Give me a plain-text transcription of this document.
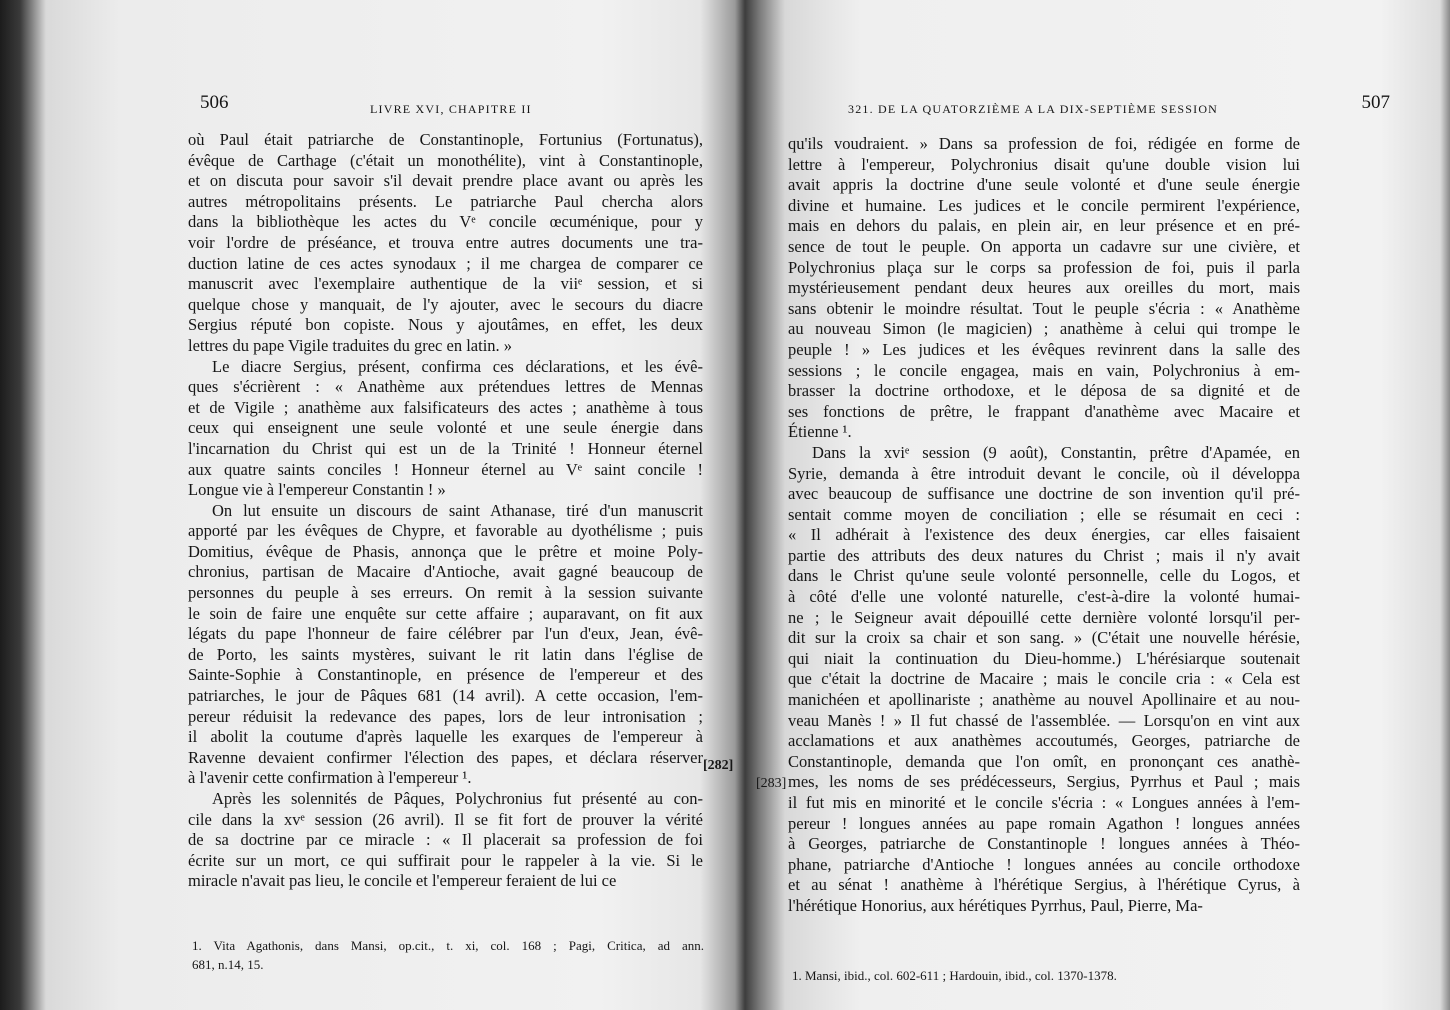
506	LIVRE XVI, CHAPITRE II
où Paul était patriarche de Constantinople, Fortunius (Fortunatus),
évêque de Carthage (c'était un monothélite), vint à Constantinople,
et on discuta pour savoir s'il devait prendre place avant ou après les
autres métropolitains présents. Le patriarche Paul chercha alors
dans la bibliothèque les actes du Vᵉ concile œcuménique, pour y
voir l'ordre de préséance, et trouva entre autres documents une tra-
duction latine de ces actes synodaux ; il me chargea de comparer ce
manuscrit avec l'exemplaire authentique de la viiᵉ session, et si
quelque chose y manquait, de l'y ajouter, avec le secours du diacre
Sergius réputé bon copiste. Nous y ajoutâmes, en effet, les deux
lettres du pape Vigile traduites du grec en latin. »
Le diacre Sergius, présent, confirma ces déclarations, et les évê-
ques s'écrièrent : « Anathème aux prétendues lettres de Mennas
et de Vigile ; anathème aux falsificateurs des actes ; anathème à tous
ceux qui enseignent une seule volonté et une seule énergie dans
l'incarnation du Christ qui est un de la Trinité ! Honneur éternel
aux quatre saints conciles ! Honneur éternel au Vᵉ saint concile !
Longue vie à l'empereur Constantin ! »
On lut ensuite un discours de saint Athanase, tiré d'un manuscrit
apporté par les évêques de Chypre, et favorable au dyothélisme ; puis
Domitius, évêque de Phasis, annonça que le prêtre et moine Poly-
chronius, partisan de Macaire d'Antioche, avait gagné beaucoup de
personnes du peuple à ses erreurs. On remit à la session suivante
le soin de faire une enquête sur cette affaire ; auparavant, on fit aux
légats du pape l'honneur de faire célébrer par l'un d'eux, Jean, évê-
de Porto, les saints mystères, suivant le rit latin dans l'église de
Sainte-Sophie à Constantinople, en présence de l'empereur et des
patriarches, le jour de Pâques 681 (14 avril). A cette occasion, l'em-
pereur réduisit la redevance des papes, lors de leur intronisation ;
il abolit la coutume d'après laquelle les exarques de l'empereur à
Ravenne devaient confirmer l'élection des papes, et déclara réserver
à l'avenir cette confirmation à l'empereur ¹.
Après les solennités de Pâques, Polychronius fut présenté au con-
cile dans la xvᵉ session (26 avril). Il se fit fort de prouver la vérité
de sa doctrine par ce miracle : « Il placerait sa profession de foi
écrite sur un mort, ce qui suffirait pour le rappeler à la vie. Si le
miracle n'avait pas lieu, le concile et l'empereur feraient de lui ce
1. Vita Agathonis, dans Mansi, op.cit., t. xi, col. 168 ; Pagi, Critica, ad ann.
681, n.14, 15.
[282]
[283]
321. DE LA QUATORZIÈME A LA DIX-SEPTIÈME SESSION	507
qu'ils voudraient. » Dans sa profession de foi, rédigée en forme de
lettre à l'empereur, Polychronius disait qu'une double vision lui
avait appris la doctrine d'une seule volonté et d'une seule énergie
divine et humaine. Les judices et le concile permirent l'expérience,
mais en dehors du palais, en plein air, en leur présence et en pré-
sence de tout le peuple. On apporta un cadavre sur une civière, et
Polychronius plaça sur le corps sa profession de foi, puis il parla
mystérieusement pendant deux heures aux oreilles du mort, mais
sans obtenir le moindre résultat. Tout le peuple s'écria : « Anathème
au nouveau Simon (le magicien) ; anathème à celui qui trompe le
peuple ! » Les judices et les évêques revinrent dans la salle des
sessions ; le concile engagea, mais en vain, Polychronius à em-
brasser la doctrine orthodoxe, et le déposa de sa dignité et de
ses fonctions de prêtre, le frappant d'anathème avec Macaire et
Étienne ¹.
Dans la xviᵉ session (9 août), Constantin, prêtre d'Apamée, en
Syrie, demanda à être introduit devant le concile, où il développa
avec beaucoup de suffisance une doctrine de son invention qu'il pré-
sentait comme moyen de conciliation ; elle se résumait en ceci :
« Il adhérait à l'existence des deux énergies, car elles faisaient
partie des attributs des deux natures du Christ ; mais il n'y avait
dans le Christ qu'une seule volonté personnelle, celle du Logos, et
à côté d'elle une volonté naturelle, c'est-à-dire la volonté humai-
ne ; le Seigneur avait dépouillé cette dernière volonté lorsqu'il per-
dit sur la croix sa chair et son sang. » (C'était une nouvelle hérésie,
qui niait la continuation du Dieu-homme.) L'hérésiarque soutenait
que c'était la doctrine de Macaire ; mais le concile cria : « Cela est
manichéen et apollinariste ; anathème au nouvel Apollinaire et au nou-
veau Manès ! » Il fut chassé de l'assemblée. — Lorsqu'on en vint aux
acclamations et aux anathèmes accoutumés, Georges, patriarche de
Constantinople, demanda que l'on omît, en prononçant ces anathè-
mes, les noms de ses prédécesseurs, Sergius, Pyrrhus et Paul ; mais
il fut mis en minorité et le concile s'écria : « Longues années à l'em-
pereur ! longues années au pape romain Agathon ! longues années
à Georges, patriarche de Constantinople ! longues années à Théo-
phane, patriarche d'Antioche ! longues années au concile orthodoxe
et au sénat ! anathème à l'hérétique Sergius, à l'hérétique Cyrus, à
l'hérétique Honorius, aux hérétiques Pyrrhus, Paul, Pierre, Ma-
1. Mansi, ibid., col. 602-611 ; Hardouin, ibid., col. 1370-1378.
